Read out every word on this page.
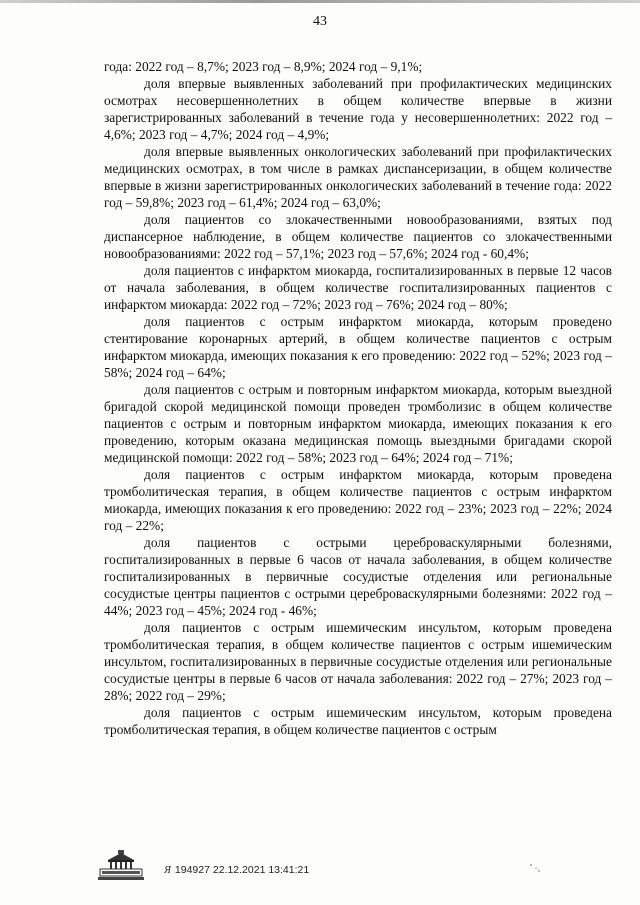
43

года: 2022 год – 8,7%; 2023 год – 8,9%; 2024 год – 9,1%;

доля впервые выявленных заболеваний при профилактических медицинских осмотрах несовершеннолетних в общем количестве впервые в жизни зарегистрированных заболеваний в течение года у несовершеннолетних: 2022 год – 4,6%; 2023 год – 4,7%; 2024 год – 4,9%;

доля впервые выявленных онкологических заболеваний при профилактических медицинских осмотрах, в том числе в рамках диспансеризации, в общем количестве впервые в жизни зарегистрированных онкологических заболеваний в течение года: 2022 год – 59,8%; 2023 год – 61,4%; 2024 год – 63,0%;

доля пациентов со злокачественными новообразованиями, взятых под диспансерное наблюдение, в общем количестве пациентов со злокачественными новообразованиями: 2022 год – 57,1%; 2023 год – 57,6%; 2024 год - 60,4%;

доля пациентов с инфарктом миокарда, госпитализированных в первые 12 часов от начала заболевания, в общем количестве госпитализированных пациентов с инфарктом миокарда: 2022 год – 72%; 2023 год – 76%; 2024 год – 80%;

доля пациентов с острым инфарктом миокарда, которым проведено стентирование коронарных артерий, в общем количестве пациентов с острым инфарктом миокарда, имеющих показания к его проведению: 2022 год – 52%; 2023 год – 58%; 2024 год – 64%;

доля пациентов с острым и повторным инфарктом миокарда, которым выездной бригадой скорой медицинской помощи проведен тромболизис в общем количестве пациентов с острым и повторным инфарктом миокарда, имеющих показания к его проведению, которым оказана медицинская помощь выездными бригадами скорой медицинской помощи: 2022 год – 58%; 2023 год – 64%; 2024 год – 71%;

доля пациентов с острым инфарктом миокарда, которым проведена тромболитическая терапия, в общем количестве пациентов с острым инфарктом миокарда, имеющих показания к его проведению: 2022 год – 23%; 2023 год – 22%; 2024 год – 22%;

доля пациентов с острыми цереброваскулярными болезнями, госпитализированных в первые 6 часов от начала заболевания, в общем количестве госпитализированных в первичные сосудистые отделения или региональные сосудистые центры пациентов с острыми цереброваскулярными болезнями: 2022 год – 44%; 2023 год – 45%; 2024 год - 46%;

доля пациентов с острым ишемическим инсультом, которым проведена тромболитическая терапия, в общем количестве пациентов с острым ишемическим инсультом, госпитализированных в первичные сосудистые отделения или региональные сосудистые центры в первые 6 часов от начала заболевания: 2022 год – 27%; 2023 год – 28%; 2022 год – 29%;

доля пациентов с острым ишемическим инсультом, которым проведена тромболитическая терапия, в общем количестве пациентов с острым

Я 194927 22.12.2021 13:41:21
